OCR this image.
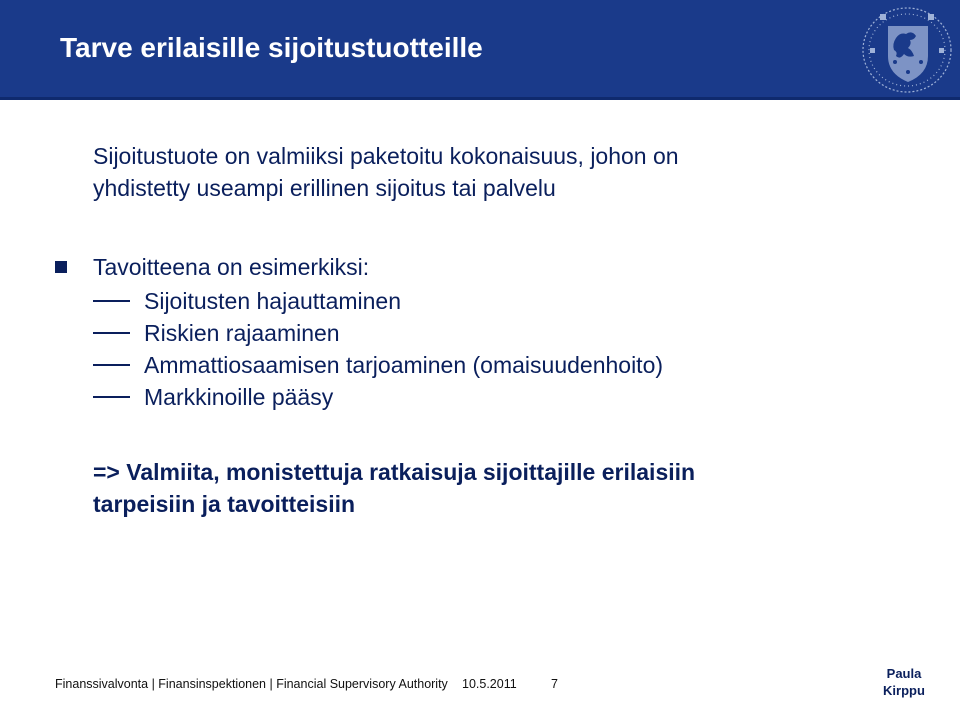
Tarve erilaisille sijoitustuotteille
Sijoitustuote on valmiiksi paketoitu kokonaisuus, johon on
yhdistetty useampi erillinen sijoitus tai palvelu
Tavoitteena on esimerkiksi:
Sijoitusten hajauttaminen
Riskien rajaaminen
Ammattiosaamisen tarjoaminen (omaisuudenhoito)
Markkinoille pääsy
=> Valmiita, monistettuja ratkaisuja sijoittajille erilaisiin
tarpeisiin ja tavoitteisiin
Finanssivalvonta | Finansinspektionen | Financial Supervisory Authority 10.5.2011	7
Paula
Kirppu
